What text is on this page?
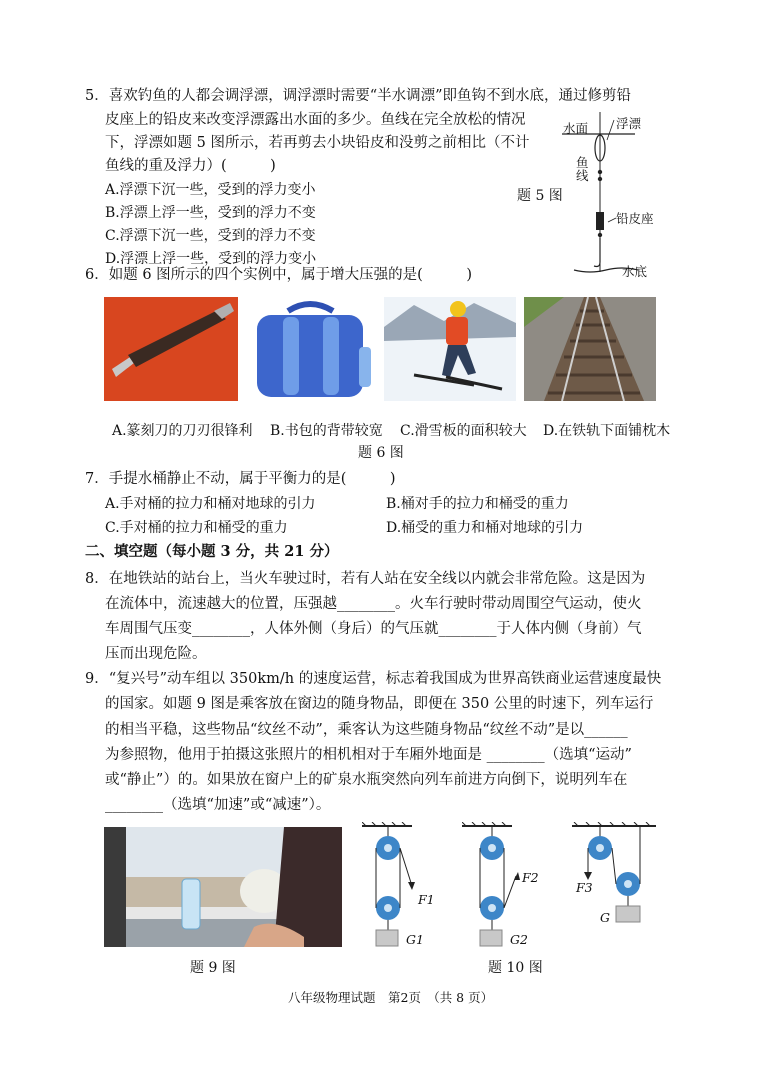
5．喜欢钓鱼的人都会调浮漂，调浮漂时需要“半水调漂”即鱼钩不到水底，通过修剪铅
皮座上的铅皮来改变浮漂露出水面的多少。鱼线在完全放松的情况
下，浮漂如题 5 图所示，若再剪去小块铅皮和没剪之前相比（不计
鱼线的重及浮力）(　　　)
A.浮漂下沉一些，受到的浮力变小
B.浮漂上浮一些，受到的浮力不变
C.浮漂下沉一些，受到的浮力不变
D.浮漂上浮一些，受到的浮力变小
题 5 图
水面 浮漂
鱼线
铅皮座
水底
6．如题 6 图所示的四个实例中，属于增大压强的是(　　　)
A.篆刻刀的刀刃很锋利 B.书包的背带较宽 C.滑雪板的面积较大 D.在铁轨下面铺枕木
题 6 图
7．手提水桶静止不动，属于平衡力的是(　　　)
A.手对桶的拉力和桶对地球的引力	B.桶对手的拉力和桶受的重力
C.手对桶的拉力和桶受的重力	D.桶受的重力和桶对地球的引力
二、填空题（每小题 3 分，共 21 分）
8．在地铁站的站台上，当火车驶过时，若有人站在安全线以内就会非常危险。这是因为
在流体中，流速越大的位置，压强越________。火车行驶时带动周围空气运动，使火
车周围气压变________，人体外侧（身后）的气压就________于人体内侧（身前）气
压而出现危险。
9．“复兴号”动车组以 350km/h 的速度运营，标志着我国成为世界高铁商业运营速度最快
的国家。如题 9 图是乘客放在窗边的随身物品，即便在 350 公里的时速下，列车运行
的相当平稳，这些物品“纹丝不动”，乘客认为这些随身物品“纹丝不动”是以______
为参照物，他用于拍摄这张照片的相机相对于车厢外地面是 ________（选填“运动”
或“静止”）的。如果放在窗户上的矿泉水瓶突然向列车前进方向倒下，说明列车在
________（选填“加速”或“减速”）。
题 9 图
F1
G1
F2
G2
F3
G
题 10 图
八年级物理试题　第2页　（共 8 页）
